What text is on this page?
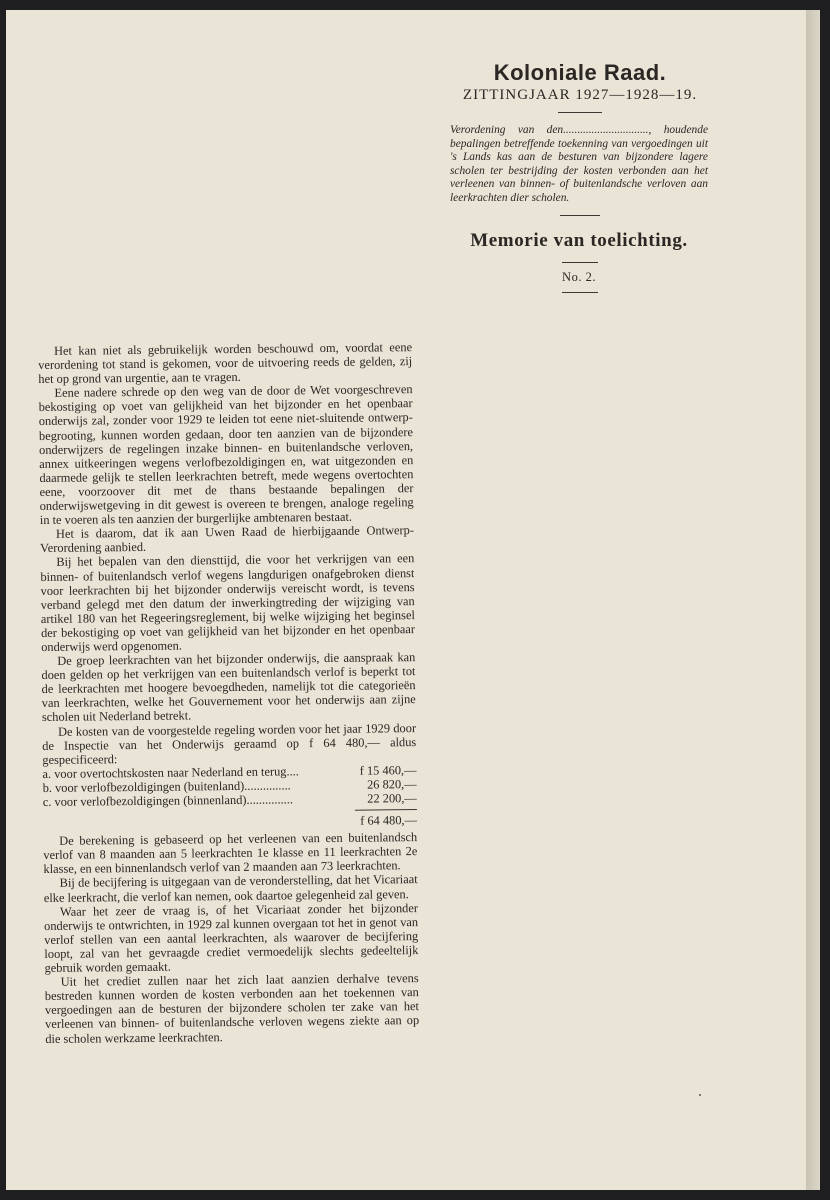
Koloniale Raad.
ZITTINGJAAR 1927—1928—19.
Verordening van den.............................., houdende bepalingen betreffende toekenning van vergoedingen uit 's Lands kas aan de besturen van bijzondere lagere scholen ter bestrijding der kosten verbonden aan het verleenen van binnen- of buitenlandsche verloven aan leerkrachten dier scholen.
Memorie van toelichting.
No. 2.

Het kan niet als gebruikelijk worden beschouwd om, voordat eene verordening tot stand is gekomen, voor de uitvoering reeds de gelden, zij het op grond van urgentie, aan te vragen.

Eene nadere schrede op den weg van de door de Wet voorgeschreven bekostiging op voet van gelijkheid van het bijzonder en het openbaar onderwijs zal, zonder voor 1929 te leiden tot eene niet-sluitende ontwerp-begrooting, kunnen worden gedaan, door ten aanzien van de bijzondere onderwijzers de regelingen inzake binnen- en buitenlandsche verloven, annex uitkeeringen wegens verlofbezoldigingen en, wat uitgezonden en daarmede gelijk te stellen leerkrachten betreft, mede wegens overtochten eene, voorzoover dit met de thans bestaande bepalingen der onderwijswetgeving in dit gewest is overeen te brengen, analoge regeling in te voeren als ten aanzien der burgerlijke ambtenaren bestaat.

Het is daarom, dat ik aan Uwen Raad de hierbijgaande Ontwerp-Verordening aanbied.

Bij het bepalen van den diensttijd, die voor het verkrijgen van een binnen- of buitenlandsch verlof wegens langdurigen onafgebroken dienst voor leerkrachten bij het bijzonder onderwijs vereischt wordt, is tevens verband gelegd met den datum der inwerkingtreding der wijziging van artikel 180 van het Regeeringsreglement, bij welke wijziging het beginsel der bekostiging op voet van gelijkheid van het bijzonder en het openbaar onderwijs werd opgenomen.

De groep leerkrachten van het bijzonder onderwijs, die aanspraak kan doen gelden op het verkrijgen van een buitenlandsch verlof is beperkt tot de leerkrachten met hoogere bevoegdheden, namelijk tot die categorieën van leerkrachten, welke het Gouvernement voor het onderwijs aan zijne scholen uit Nederland betrekt.

De kosten van de voorgestelde regeling worden voor het jaar 1929 door de Inspectie van het Onderwijs geraamd op f 64 480,— aldus gespecificeerd:

a. voor overtochtskosten naar Nederland en terug....	f 15 460,—
b. voor verlofbezoldigingen (buitenland)...............	26 820,—
c. voor verlofbezoldigingen (binnenland)...............	22 200,—

f 64 480,—

De berekening is gebaseerd op het verleenen van een buitenlandsch verlof van 8 maanden aan 5 leerkrachten 1e klasse en 11 leerkrachten 2e klasse, en een binnenlandsch verlof van 2 maanden aan 73 leerkrachten.

Bij de becijfering is uitgegaan van de veronderstelling, dat het Vicariaat elke leerkracht, die verlof kan nemen, ook daartoe gelegenheid zal geven.

Waar het zeer de vraag is, of het Vicariaat zonder het bijzonder onderwijs te ontwrichten, in 1929 zal kunnen overgaan tot het in genot van verlof stellen van een aantal leerkrachten, als waarover de becijfering loopt, zal van het gevraagde crediet vermoedelijk slechts gedeeltelijk gebruik worden gemaakt.

Uit het crediet zullen naar het zich laat aanzien derhalve tevens bestreden kunnen worden de kosten verbonden aan het toekennen van vergoedingen aan de besturen der bijzondere scholen ter zake van het verleenen van binnen- of buitenlandsche verloven wegens ziekte aan op die scholen werkzame leerkrachten.
